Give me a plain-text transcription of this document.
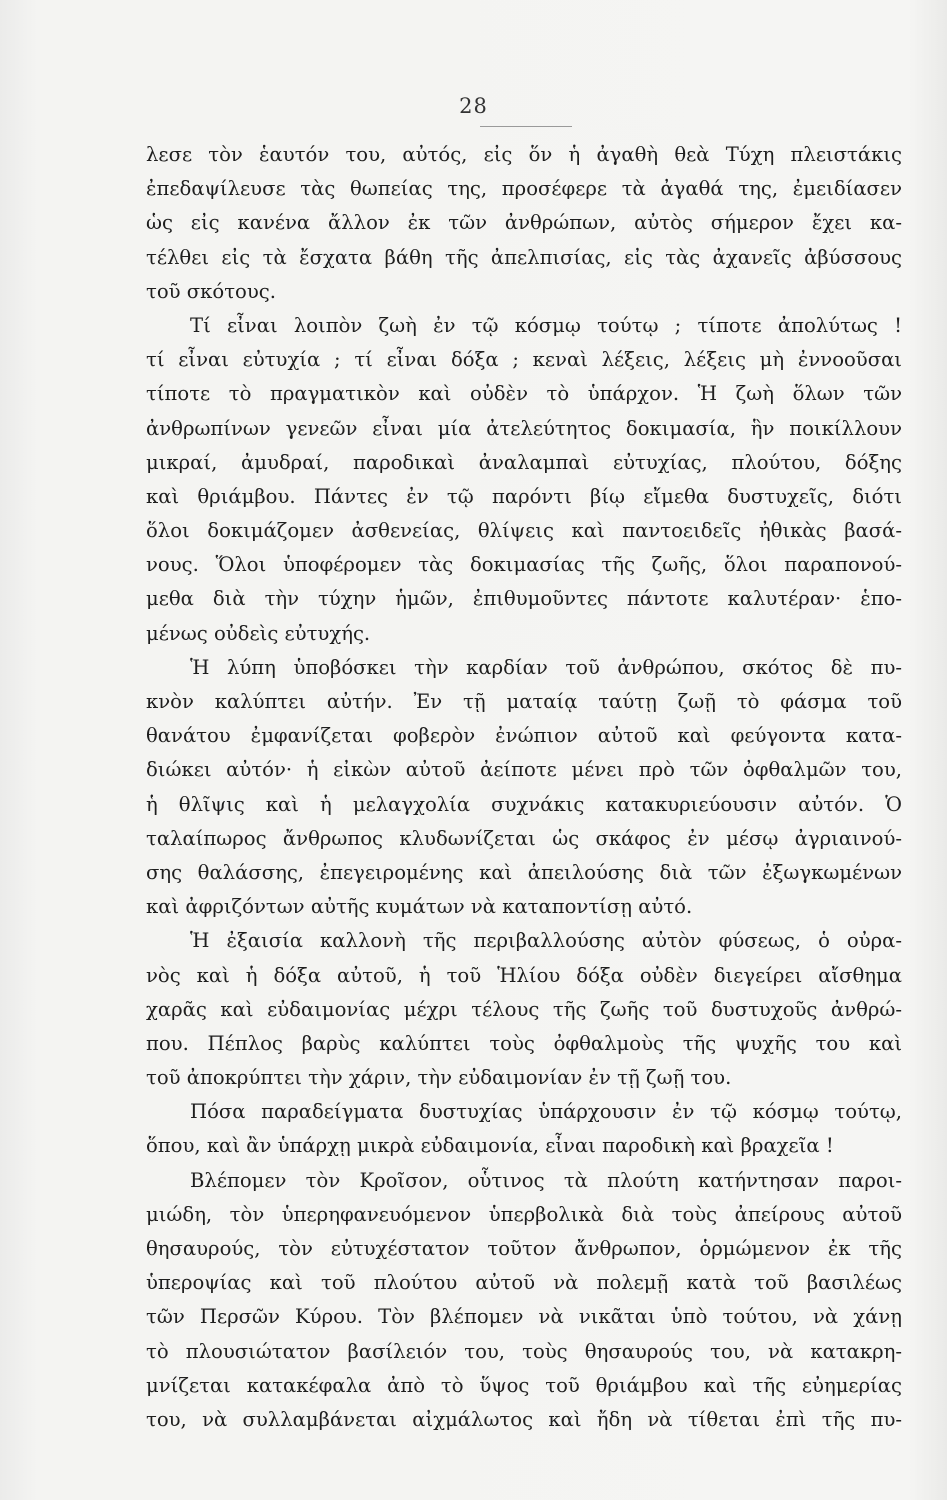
28
λεσε τὸν ἑαυτόν του, αὐτός, εἰς ὅν ἡ ἀγαθὴ θεὰ Τύχη πλειστάκις
ἐπεδαψίλευσε τὰς θωπείας της, προσέφερε τὰ ἀγαθά της, ἐμειδίασεν
ὡς εἰς κανένα ἄλλον ἐκ τῶν ἀνθρώπων, αὐτὸς σήμερον ἔχει κα-
τέλθει εἰς τὰ ἔσχατα βάθη τῆς ἀπελπισίας, εἰς τὰς ἀχανεῖς ἀβύσσους
τοῦ σκότους.
Τί εἶναι λοιπὸν ζωὴ ἐν τῷ κόσμῳ τούτῳ ; τίποτε ἀπολύτως !
τί εἶναι εὐτυχία ; τί εἶναι δόξα ; κεναὶ λέξεις, λέξεις μὴ ἐννοοῦσαι
τίποτε τὸ πραγματικὸν καὶ οὐδὲν τὸ ὑπάρχον. Ἡ ζωὴ ὅλων τῶν
ἀνθρωπίνων γενεῶν εἶναι μία ἀτελεύτητος δοκιμασία, ἣν ποικίλλουν
μικραί, ἀμυδραί, παροδικαὶ ἀναλαμπαὶ εὐτυχίας, πλούτου, δόξης
καὶ θριάμβου. Πάντες ἐν τῷ παρόντι βίῳ εἴμεθα δυστυχεῖς, διότι
ὅλοι δοκιμάζομεν ἀσθενείας, θλίψεις καὶ παντοειδεῖς ἠθικὰς βασά-
νους. Ὅλοι ὑποφέρομεν τὰς δοκιμασίας τῆς ζωῆς, ὅλοι παραπονού-
μεθα διὰ τὴν τύχην ἡμῶν, ἐπιθυμοῦντες πάντοτε καλυτέραν· ἑπο-
μένως οὐδεὶς εὐτυχής.
Ἡ λύπη ὑποβόσκει τὴν καρδίαν τοῦ ἀνθρώπου, σκότος δὲ πυ-
κνὸν καλύπτει αὐτήν. Ἐν τῇ ματαίᾳ ταύτῃ ζωῇ τὸ φάσμα τοῦ
θανάτου ἐμφανίζεται φοβερὸν ἐνώπιον αὐτοῦ καὶ φεύγοντα κατα-
διώκει αὐτόν· ἡ εἰκὼν αὐτοῦ ἀείποτε μένει πρὸ τῶν ὀφθαλμῶν του,
ἡ θλῖψις καὶ ἡ μελαγχολία συχνάκις κατακυριεύουσιν αὐτόν. Ὁ
ταλαίπωρος ἄνθρωπος κλυδωνίζεται ὡς σκάφος ἐν μέσῳ ἀγριαινού-
σης θαλάσσης, ἐπεγειρομένης καὶ ἀπειλούσης διὰ τῶν ἐξωγκωμένων
καὶ ἀφριζόντων αὐτῆς κυμάτων νὰ καταποντίσῃ αὐτό.
Ἡ ἐξαισία καλλονὴ τῆς περιβαλλούσης αὐτὸν φύσεως, ὁ οὐρα-
νὸς καὶ ἡ δόξα αὐτοῦ, ἡ τοῦ Ἡλίου δόξα οὐδὲν διεγείρει αἴσθημα
χαρᾶς καὶ εὐδαιμονίας μέχρι τέλους τῆς ζωῆς τοῦ δυστυχοῦς ἀνθρώ-
που. Πέπλος βαρὺς καλύπτει τοὺς ὀφθαλμοὺς τῆς ψυχῆς του καὶ
τοῦ ἀποκρύπτει τὴν χάριν, τὴν εὐδαιμονίαν ἐν τῇ ζωῇ του.
Πόσα παραδείγματα δυστυχίας ὑπάρχουσιν ἐν τῷ κόσμῳ τούτῳ,
ὅπου, καὶ ἂν ὑπάρχῃ μικρὰ εὐδαιμονία, εἶναι παροδικὴ καὶ βραχεῖα !
Βλέπομεν τὸν Κροῖσον, οὗτινος τὰ πλούτη κατήντησαν παροι-
μιώδη, τὸν ὑπερηφανευόμενον ὑπερβολικὰ διὰ τοὺς ἀπείρους αὐτοῦ
θησαυρούς, τὸν εὐτυχέστατον τοῦτον ἄνθρωπον, ὁρμώμενον ἐκ τῆς
ὑπεροψίας καὶ τοῦ πλούτου αὐτοῦ νὰ πολεμῇ κατὰ τοῦ βασιλέως
τῶν Περσῶν Κύρου. Τὸν βλέπομεν νὰ νικᾶται ὑπὸ τούτου, νὰ χάνῃ
τὸ πλουσιώτατον βασίλειόν του, τοὺς θησαυρούς του, νὰ κατακρη-
μνίζεται κατακέφαλα ἀπὸ τὸ ὕψος τοῦ θριάμβου καὶ τῆς εὐημερίας
του, νὰ συλλαμβάνεται αἰχμάλωτος καὶ ἤδη νὰ τίθεται ἐπὶ τῆς πυ-
